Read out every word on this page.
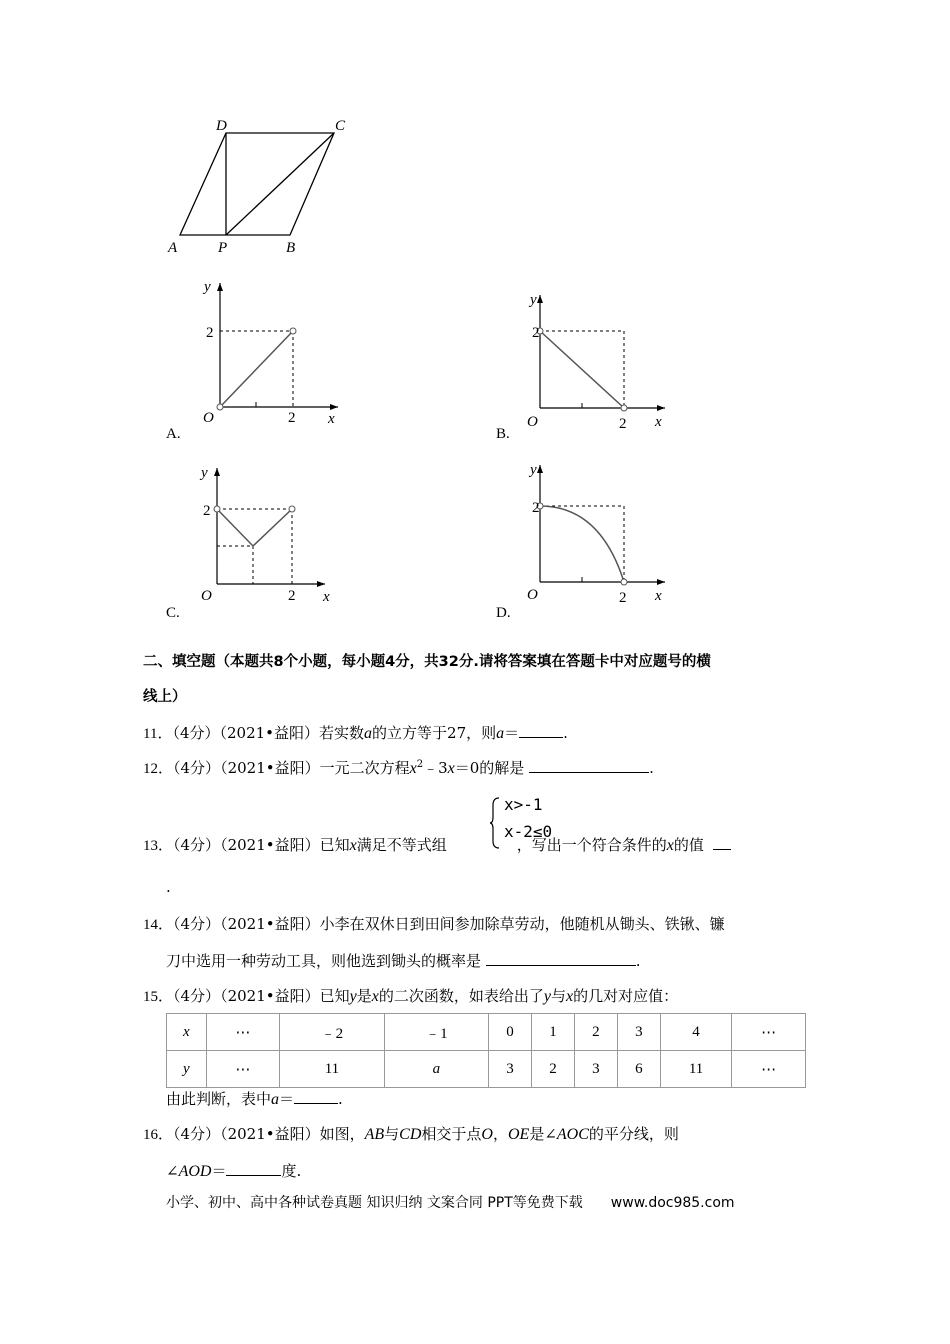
D	C
A	P	B
y
x
O
2
2
A.
y
x
O
2
2
B.
y
x
O
2
2
C.
y
x
O
2
2
D.
二、填空题（本题共8个小题，每小题4分，共32分.请将答案填在答题卡中对应题号的横
线上）
11．（4分）（2021•益阳）若实数a的立方等于27，则a＝	.
12．（4分）（2021•益阳）一元二次方程$x^2﹣3x=0$的解是	.
x>-1
x-2≤0
13．（4分）（2021•益阳）已知x满足不等式组	，写出一个符合条件的x的值
.
14．（4分）（2021•益阳）小李在双休日到田间参加除草劳动，他随机从锄头、铁锹、镰
刀中选用一种劳动工具，则他选到锄头的概率是	.
15．（4分）（2021•益阳）已知y是x的二次函数，如表给出了y与x的几对对应值：
x	⋯	﹣2	﹣1	0	1	2	3	4	⋯
y	⋯	11	a	3	2	3	6	11	⋯
由此判断，表中a＝	.
16．（4分）（2021•益阳）如图，AB与CD相交于点O，OE是∠AOC的平分线，则
∠AOD＝	度.
小学、初中、高中各种试卷真题 知识归纳 文案合同 PPT等免费下载 www.doc985.com
